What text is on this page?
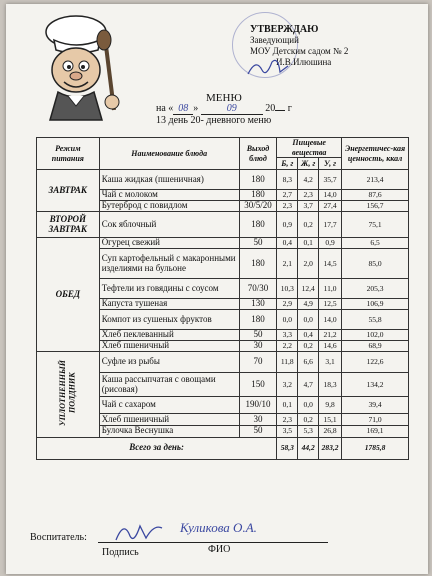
УТВЕРЖДАЮ
Заведующий
МОУ Детским садом № 2
И.В.Илюшина
МЕНЮ
на « 08 »	09	20 г
13 день 20- дневного меню
Режим питания	Наименование блюда	Выход блюд	Пищевые вещества			Энергетичес-кая ценность, ккал
			Б, г	Ж, г	У, г	
ЗАВТРАК	Каша жидкая (пшеничная)	180	8,3	4,2	35,7	213,4
	Чай с молоком	180	2,7	2,3	14,0	87,6
	Бутерброд с повидлом	30/5/20	2,3	3,7	27,4	156,7
ВТОРОЙ ЗАВТРАК	Сок яблочный	180	0,9	0,2	17,7	75,1
ОБЕД	Огурец свежий	50	0,4	0,1	0,9	6,5
	Суп картофельный с макаронными изделиями на бульоне	180	2,1	2,0	14,5	85,0
	Тефтели из говядины с соусом	70/30	10,3	12,4	11,0	205,3
	Капуста тушеная	130	2,9	4,9	12,5	106,9
	Компот из сушеных фруктов	180	0,0	0,0	14,0	55,8
	Хлеб пеклеванный	50	3,3	0,4	21,2	102,0
	Хлеб пшеничный	30	2,2	0,2	14,6	68,9
УПЛОТНЕННЫЙ ПОЛДНИК	Суфле из рыбы	70	11,8	6,6	3,1	122,6
	Каша рассыпчатая с овощами (рисовая)	150	3,2	4,7	18,3	134,2
	Чай с сахаром	190/10	0,1	0,0	9,8	39,4
	Хлеб пшеничный	30	2,3	0,2	15,1	71,0
	Булочка Веснушка	50	3,5	5,3	26,8	169,1
Всего за день:			58,3	44,2	283,2	1785,8
Воспитатель:
Куликова О.А.
Подпись	ФИО
